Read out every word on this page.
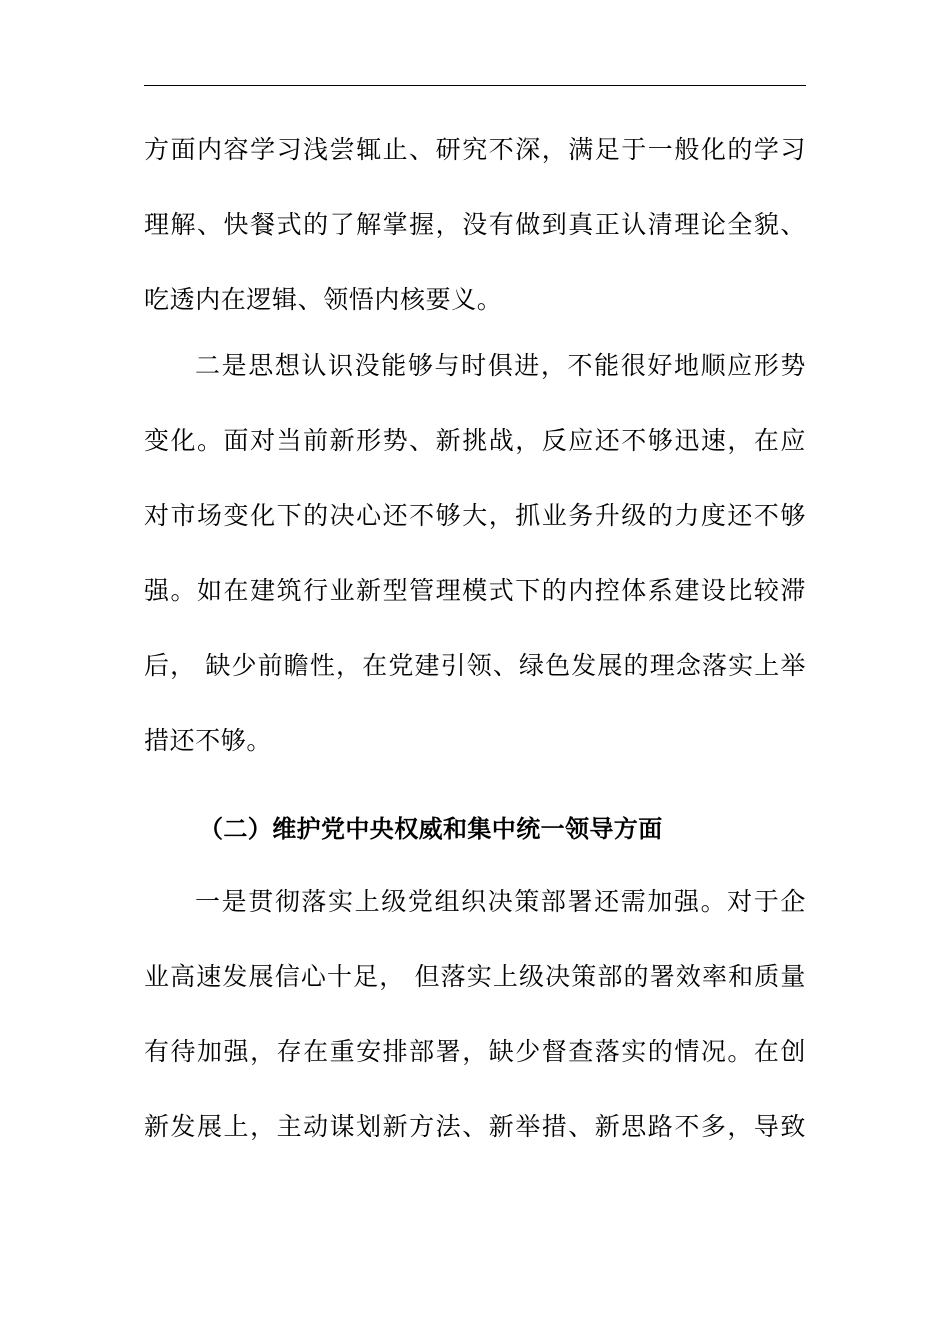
方面内容学习浅尝辄止、研究不深，满足于一般化的学习
理解、快餐式的了解掌握，没有做到真正认清理论全貌、
吃透内在逻辑、领悟内核要义。
二是思想认识没能够与时俱进，不能很好地顺应形势
变化。面对当前新形势、新挑战，反应还不够迅速，在应
对市场变化下的决心还不够大，抓业务升级的力度还不够
强。如在建筑行业新型管理模式下的内控体系建设比较滞
后， 缺少前瞻性，在党建引领、绿色发展的理念落实上举
措还不够。
（二）维护党中央权威和集中统一领导方面
一是贯彻落实上级党组织决策部署还需加强。对于企
业高速发展信心十足， 但落实上级决策部的署效率和质量
有待加强，存在重安排部署，缺少督查落实的情况。在创
新发展上，主动谋划新方法、新举措、新思路不多，导致
